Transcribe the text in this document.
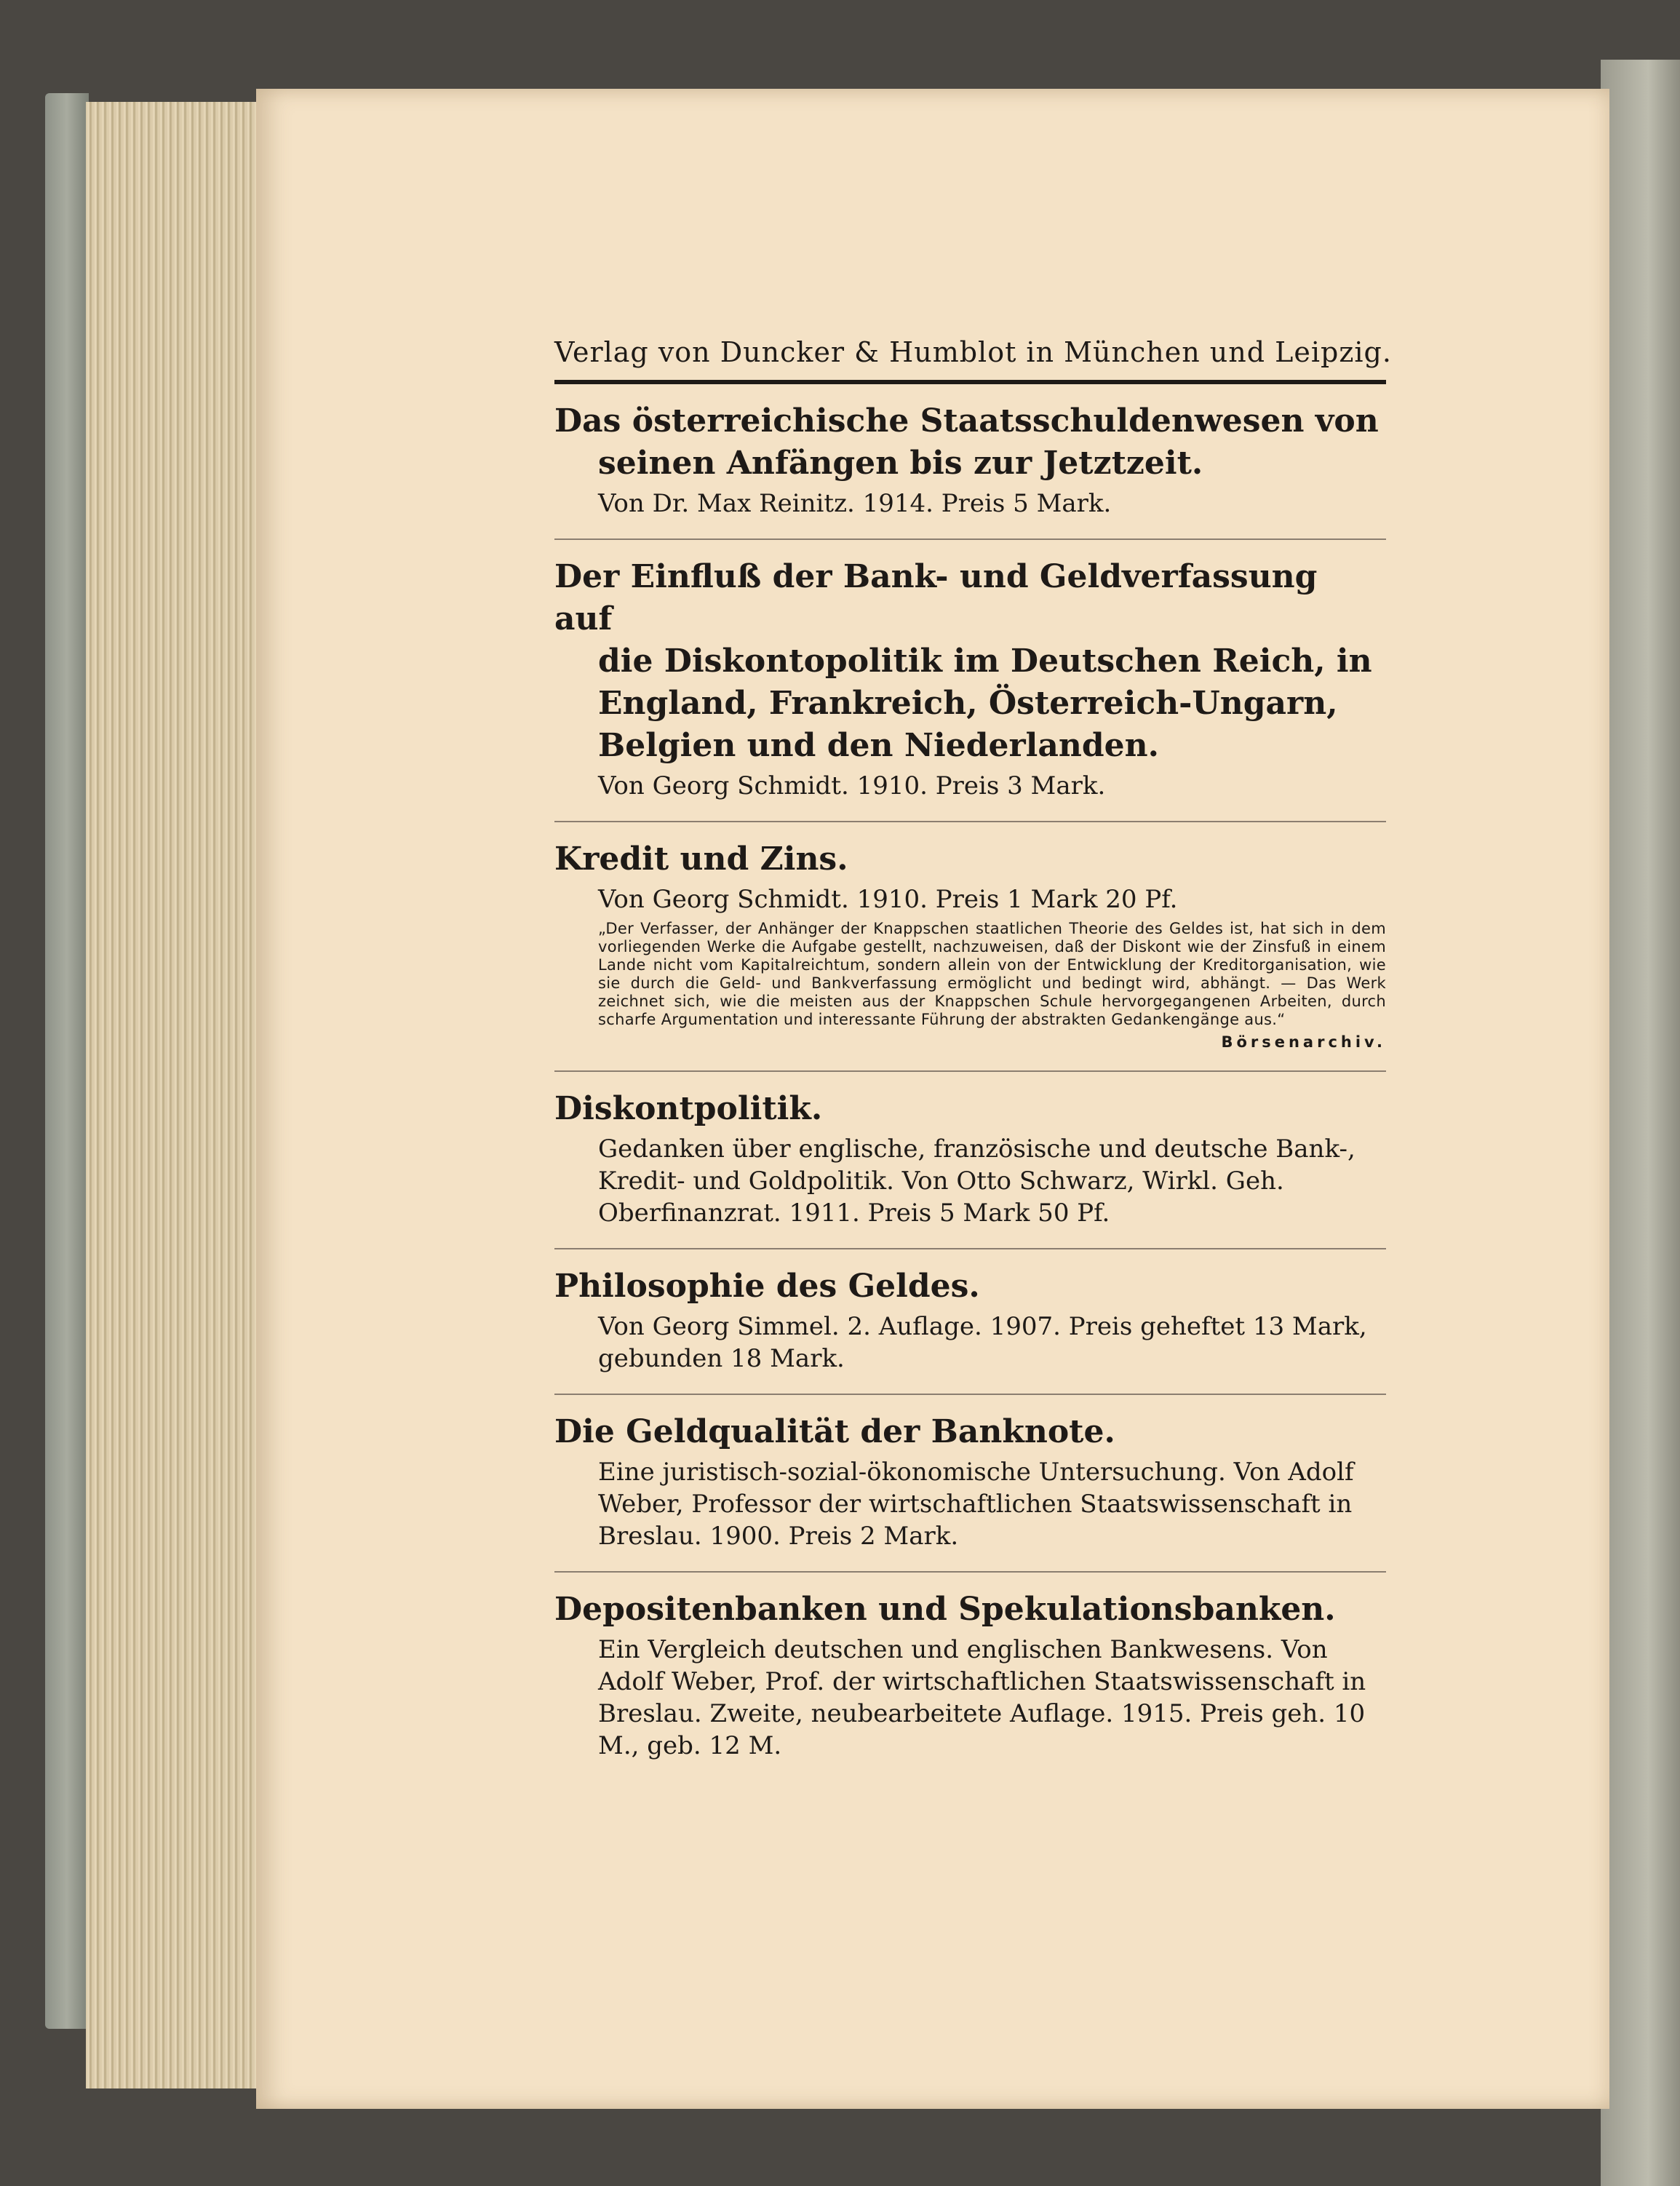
Verlag von Duncker & Humblot in München und Leipzig.
Das österreichische Staatsschuldenwesen von
seinen Anfängen bis zur Jetztzeit.
Von Dr. Max Reinitz. 1914. Preis 5 Mark.
Der Einfluß der Bank- und Geldverfassung auf
die Diskontopolitik im Deutschen Reich, in
England, Frankreich, Österreich-Ungarn,
Belgien und den Niederlanden.
Von Georg Schmidt. 1910. Preis 3 Mark.
Kredit und Zins.
Von Georg Schmidt. 1910. Preis 1 Mark 20 Pf.
„Der Verfasser, der Anhänger der Knappschen staatlichen Theorie des Geldes ist, hat sich in dem vorliegenden Werke die Aufgabe gestellt, nachzuweisen, daß der Diskont wie der Zinsfuß in einem Lande nicht vom Kapitalreichtum, sondern allein von der Entwicklung der Kreditorganisation, wie sie durch die Geld- und Bankverfassung ermöglicht und bedingt wird, abhängt. — Das Werk zeichnet sich, wie die meisten aus der Knappschen Schule hervorgegangenen Arbeiten, durch scharfe Argumentation und interessante Führung der abstrakten Gedankengänge aus.“
Börsenarchiv.
Diskontpolitik.
Gedanken über englische, französische und deutsche Bank-, Kredit- und Goldpolitik. Von Otto Schwarz, Wirkl. Geh. Oberfinanzrat. 1911. Preis 5 Mark 50 Pf.
Philosophie des Geldes.
Von Georg Simmel. 2. Auflage. 1907. Preis geheftet 13 Mark, gebunden 18 Mark.
Die Geldqualität der Banknote.
Eine juristisch-sozial-ökonomische Untersuchung. Von Adolf Weber, Professor der wirtschaftlichen Staatswissenschaft in Breslau. 1900. Preis 2 Mark.
Depositenbanken und Spekulationsbanken.
Ein Vergleich deutschen und englischen Bankwesens. Von Adolf Weber, Prof. der wirtschaftlichen Staatswissenschaft in Breslau. Zweite, neubearbeitete Auflage. 1915. Preis geh. 10 M., geb. 12 M.
